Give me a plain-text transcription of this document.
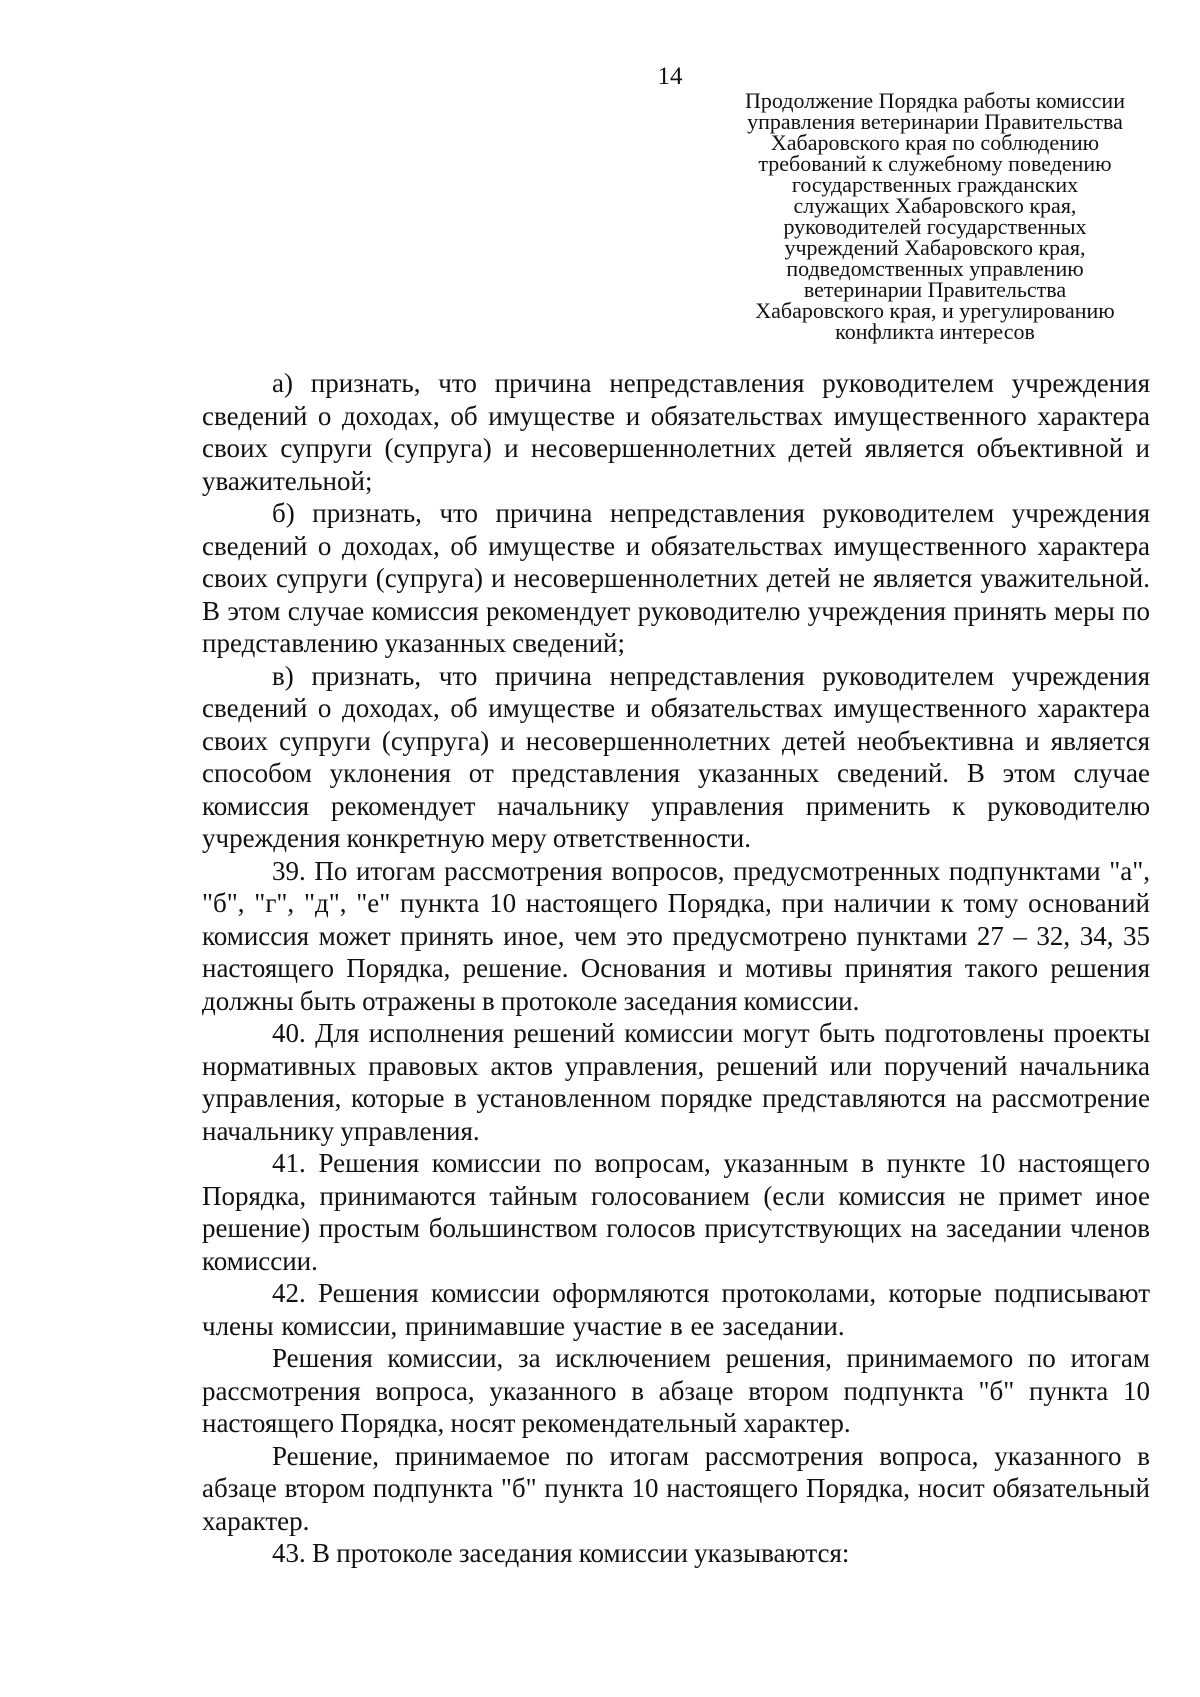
14
Продолжение Порядка работы комиссии
управления ветеринарии Правительства
Хабаровского края по соблюдению
требований к служебному поведению
государственных гражданских
служащих Хабаровского края,
руководителей государственных
учреждений Хабаровского края,
подведомственных управлению
ветеринарии Правительства
Хабаровского края, и урегулированию
конфликта интересов

а) признать, что причина непредставления руководителем учреждения сведений о доходах, об имуществе и обязательствах имущественного характера своих супруги (супруга) и несовершеннолетних детей является объективной и уважительной;

б) признать, что причина непредставления руководителем учреждения сведений о доходах, об имуществе и обязательствах имущественного характера своих супруги (супруга) и несовершеннолетних детей не является уважительной. В этом случае комиссия рекомендует руководителю учреждения принять меры по представлению указанных сведений;

в) признать, что причина непредставления руководителем учреждения сведений о доходах, об имуществе и обязательствах имущественного характера своих супруги (супруга) и несовершеннолетних детей необъективна и является способом уклонения от представления указанных сведений. В этом случае комиссия рекомендует начальнику управления применить к руководителю учреждения конкретную меру ответственности.

39. По итогам рассмотрения вопросов, предусмотренных подпунктами "а", "б", "г", "д", "е" пункта 10 настоящего Порядка, при наличии к тому оснований комиссия может принять иное, чем это предусмотрено пунктами 27 – 32, 34, 35 настоящего Порядка, решение. Основания и мотивы принятия такого решения должны быть отражены в протоколе заседания комиссии.

40. Для исполнения решений комиссии могут быть подготовлены проекты нормативных правовых актов управления, решений или поручений начальника управления, которые в установленном порядке представляются на рассмотрение начальнику управления.

41. Решения комиссии по вопросам, указанным в пункте 10 настоящего Порядка, принимаются тайным голосованием (если комиссия не примет иное решение) простым большинством голосов присутствующих на заседании членов комиссии.

42. Решения комиссии оформляются протоколами, которые подписывают члены комиссии, принимавшие участие в ее заседании.

Решения комиссии, за исключением решения, принимаемого по итогам рассмотрения вопроса, указанного в абзаце втором подпункта "б" пункта 10 настоящего Порядка, носят рекомендательный характер.

Решение, принимаемое по итогам рассмотрения вопроса, указанного в абзаце втором подпункта "б" пункта 10 настоящего Порядка, носит обязательный характер.

43. В протоколе заседания комиссии указываются:
